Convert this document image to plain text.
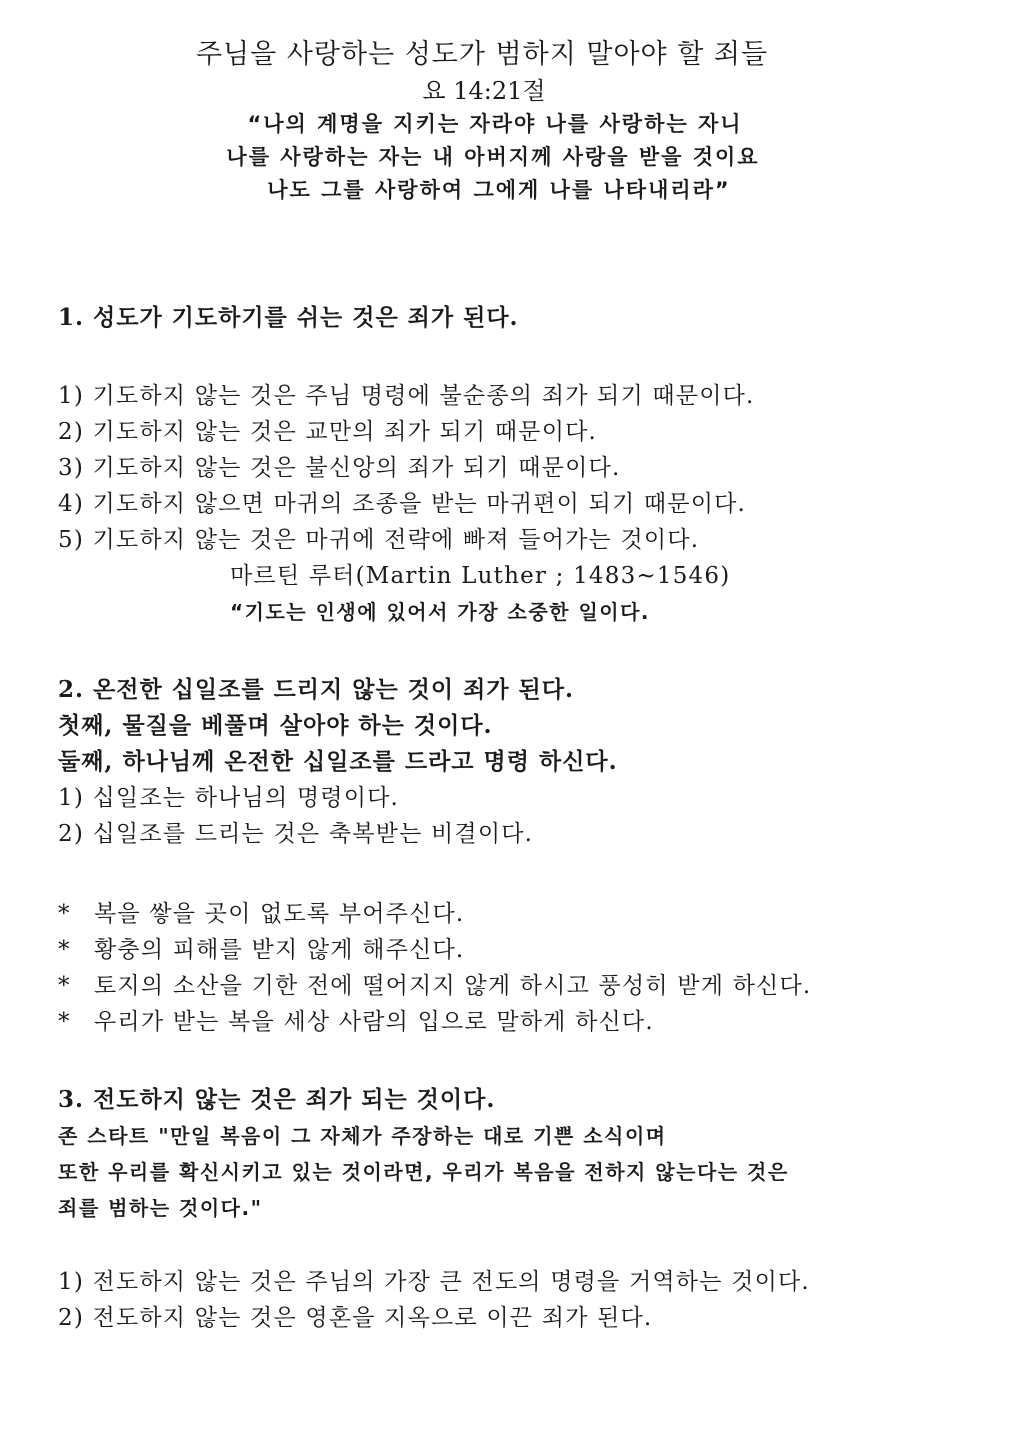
주님을 사랑하는 성도가 범하지 말아야 할 죄들
요 14:21절
“나의 계명을 지키는 자라야 나를 사랑하는 자니
나를 사랑하는 자는 내 아버지께 사랑을 받을 것이요
나도 그를 사랑하여 그에게 나를 나타내리라”
1. 성도가 기도하기를 쉬는 것은 죄가 된다.
1) 기도하지 않는 것은 주님 명령에 불순종의 죄가 되기 때문이다.
2) 기도하지 않는 것은 교만의 죄가 되기 때문이다.
3) 기도하지 않는 것은 불신앙의 죄가 되기 때문이다.
4) 기도하지 않으면 마귀의 조종을 받는 마귀편이 되기 때문이다.
5) 기도하지 않는 것은 마귀에 전략에 빠져 들어가는 것이다.
마르틴 루터(Martin Luther ; 1483~1546)
“기도는 인생에 있어서 가장 소중한 일이다.
2. 온전한 십일조를 드리지 않는 것이 죄가 된다.
첫째, 물질을 베풀며 살아야 하는 것이다.
둘째, 하나님께 온전한 십일조를 드라고 명령 하신다.
1) 십일조는 하나님의 명령이다.
2) 십일조를 드리는 것은 축복받는 비결이다.
* 복을 쌓을 곳이 없도록 부어주신다.
* 황충의 피해를 받지 않게 해주신다.
* 토지의 소산을 기한 전에 떨어지지 않게 하시고 풍성히 받게 하신다.
* 우리가 받는 복을 세상 사람의 입으로 말하게 하신다.
3. 전도하지 않는 것은 죄가 되는 것이다.
존 스타트 "만일 복음이 그 자체가 주장하는 대로 기쁜 소식이며
또한 우리를 확신시키고 있는 것이라면, 우리가 복음을 전하지 않는다는 것은
죄를 범하는 것이다."
1) 전도하지 않는 것은 주님의 가장 큰 전도의 명령을 거역하는 것이다.
2) 전도하지 않는 것은 영혼을 지옥으로 이끈 죄가 된다.
